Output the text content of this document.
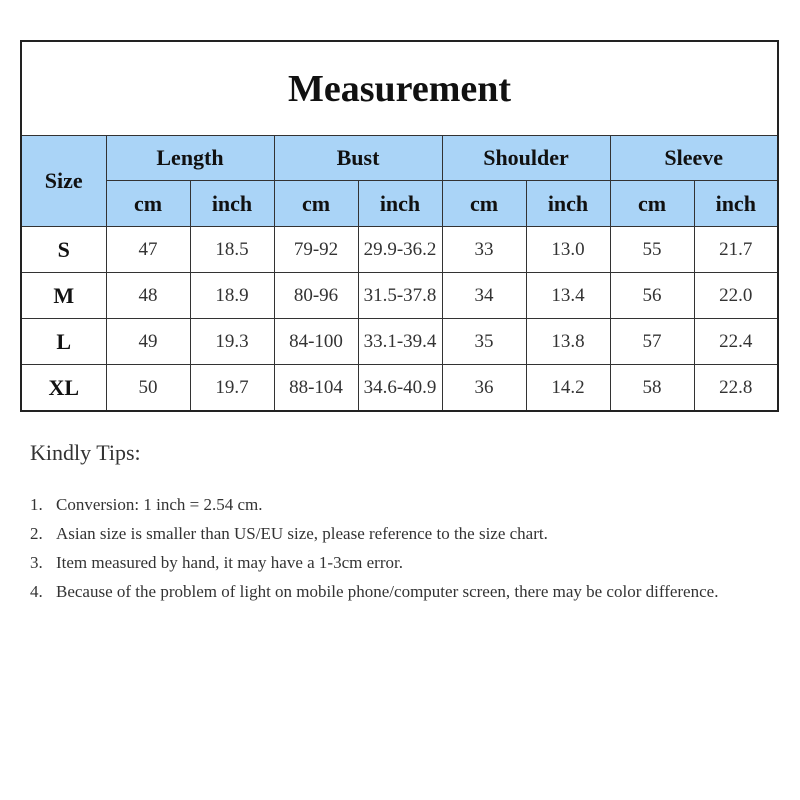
Measurement								
Size	Length		Bust		Shoulder		Sleeve	
	cm	inch	cm	inch	cm	inch	cm	inch
S	47	18.5	79-92	29.9-36.2	33	13.0	55	21.7
M	48	18.9	80-96	31.5-37.8	34	13.4	56	22.0
L	49	19.3	84-100	33.1-39.4	35	13.8	57	22.4
XL	50	19.7	88-104	34.6-40.9	36	14.2	58	22.8
Kindly Tips:
1. Conversion: 1 inch = 2.54 cm.
2. Asian size is smaller than US/EU size, please reference to the size chart.
3. Item measured by hand, it may have a 1-3cm error.
4. Because of the problem of light on mobile phone/computer screen, there may be color difference.
